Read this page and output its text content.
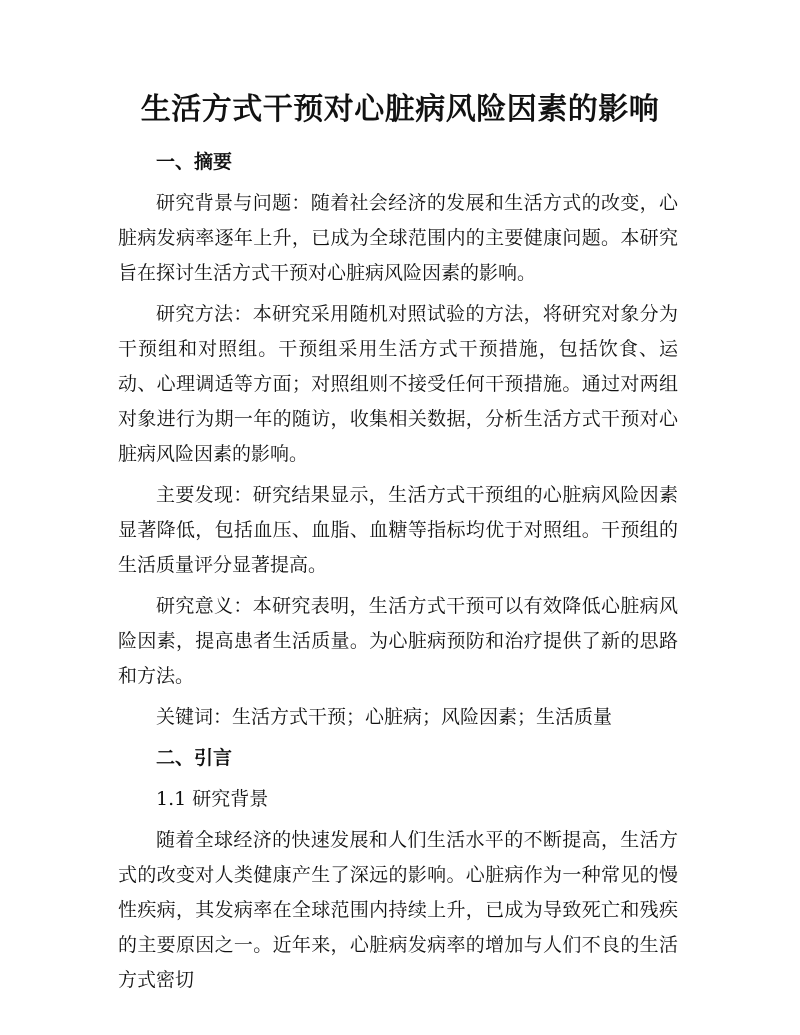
生活方式干预对心脏病风险因素的影响

一、摘要

研究背景与问题：随着社会经济的发展和生活方式的改变，心脏病发病率逐年上升，已成为全球范围内的主要健康问题。本研究旨在探讨生活方式干预对心脏病风险因素的影响。

研究方法：本研究采用随机对照试验的方法，将研究对象分为干预组和对照组。干预组采用生活方式干预措施，包括饮食、运动、心理调适等方面；对照组则不接受任何干预措施。通过对两组对象进行为期一年的随访，收集相关数据，分析生活方式干预对心脏病风险因素的影响。

主要发现：研究结果显示，生活方式干预组的心脏病风险因素显著降低，包括血压、血脂、血糖等指标均优于对照组。干预组的生活质量评分显著提高。

研究意义：本研究表明，生活方式干预可以有效降低心脏病风险因素，提高患者生活质量。为心脏病预防和治疗提供了新的思路和方法。

关键词：生活方式干预；心脏病；风险因素；生活质量

二、引言

1.1 研究背景

随着全球经济的快速发展和人们生活水平的不断提高，生活方式的改变对人类健康产生了深远的影响。心脏病作为一种常见的慢性疾病，其发病率在全球范围内持续上升，已成为导致死亡和残疾的主要原因之一。近年来，心脏病发病率的增加与人们不良的生活方式密切
